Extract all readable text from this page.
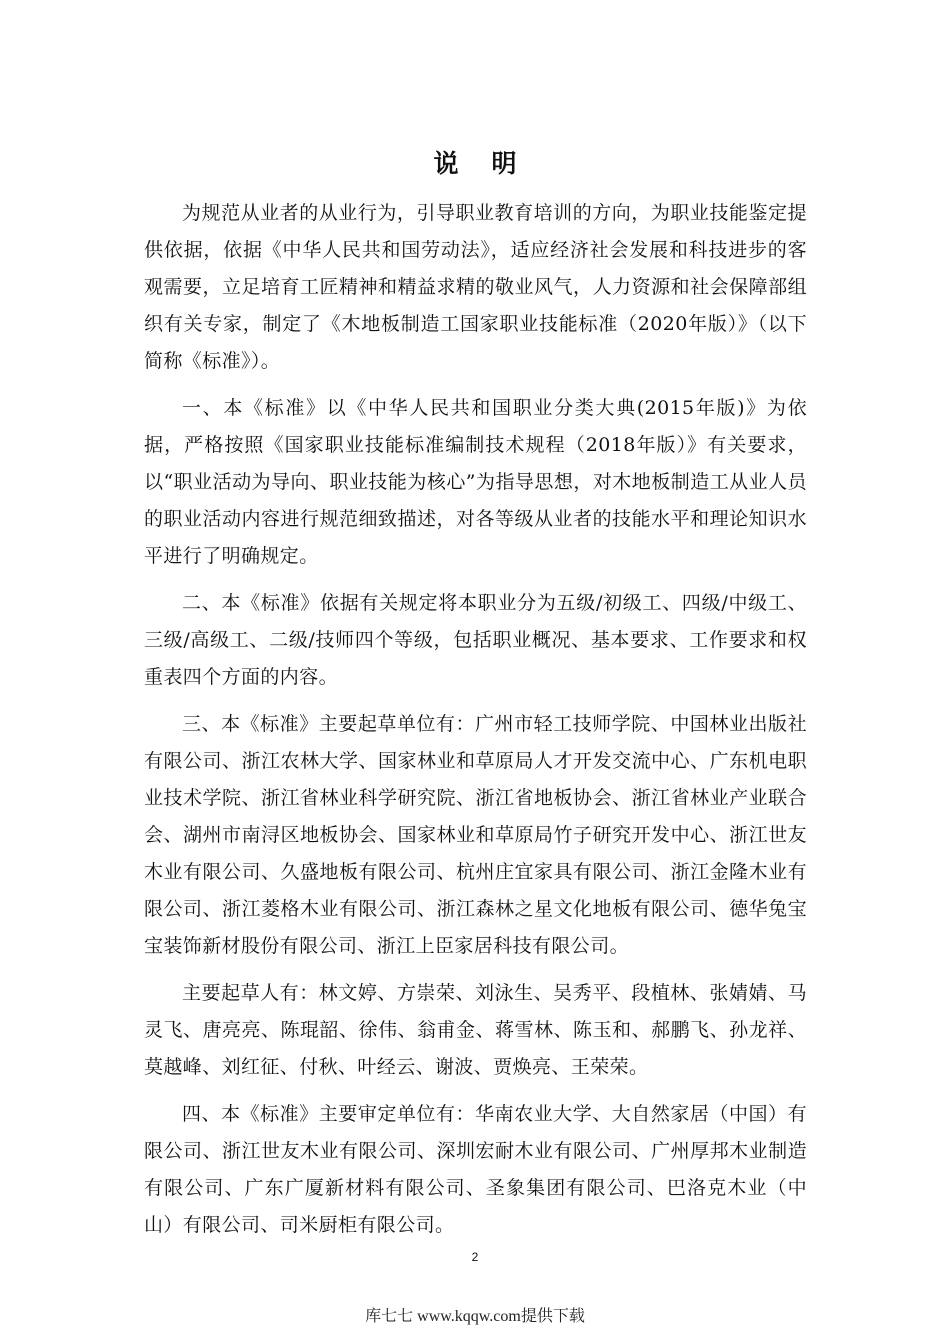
说明

为规范从业者的从业行为，引导职业教育培训的方向，为职业技能鉴定提供依据，依据《中华人民共和国劳动法》，适应经济社会发展和科技进步的客观需要，立足培育工匠精神和精益求精的敬业风气，人力资源和社会保障部组织有关专家，制定了《木地板制造工国家职业技能标准（2020年版）》（以下简称《标准》）。

一、本《标准》以《中华人民共和国职业分类大典(2015年版)》为依据，严格按照《国家职业技能标准编制技术规程（2018年版）》有关要求，以“职业活动为导向、职业技能为核心”为指导思想，对木地板制造工从业人员的职业活动内容进行规范细致描述，对各等级从业者的技能水平和理论知识水平进行了明确规定。

二、本《标准》依据有关规定将本职业分为五级/初级工、四级/中级工、三级/高级工、二级/技师四个等级，包括职业概况、基本要求、工作要求和权重表四个方面的内容。

三、本《标准》主要起草单位有：广州市轻工技师学院、中国林业出版社有限公司、浙江农林大学、国家林业和草原局人才开发交流中心、广东机电职业技术学院、浙江省林业科学研究院、浙江省地板协会、浙江省林业产业联合会、湖州市南浔区地板协会、国家林业和草原局竹子研究开发中心、浙江世友木业有限公司、久盛地板有限公司、杭州庄宜家具有限公司、浙江金隆木业有限公司、浙江菱格木业有限公司、浙江森林之星文化地板有限公司、德华兔宝宝装饰新材股份有限公司、浙江上臣家居科技有限公司。

主要起草人有：林文婷、方崇荣、刘泳生、吴秀平、段植林、张婧婧、马灵飞、唐亮亮、陈琨韶、徐伟、翁甫金、蒋雪林、陈玉和、郝鹏飞、孙龙祥、莫越峰、刘红征、付秋、叶经云、谢波、贾焕亮、王荣荣。

四、本《标准》主要审定单位有：华南农业大学、大自然家居（中国）有限公司、浙江世友木业有限公司、深圳宏耐木业有限公司、广州厚邦木业制造有限公司、广东广厦新材料有限公司、圣象集团有限公司、巴洛克木业（中山）有限公司、司米厨柜有限公司。

2
库七七 www.kqqw.com提供下载
